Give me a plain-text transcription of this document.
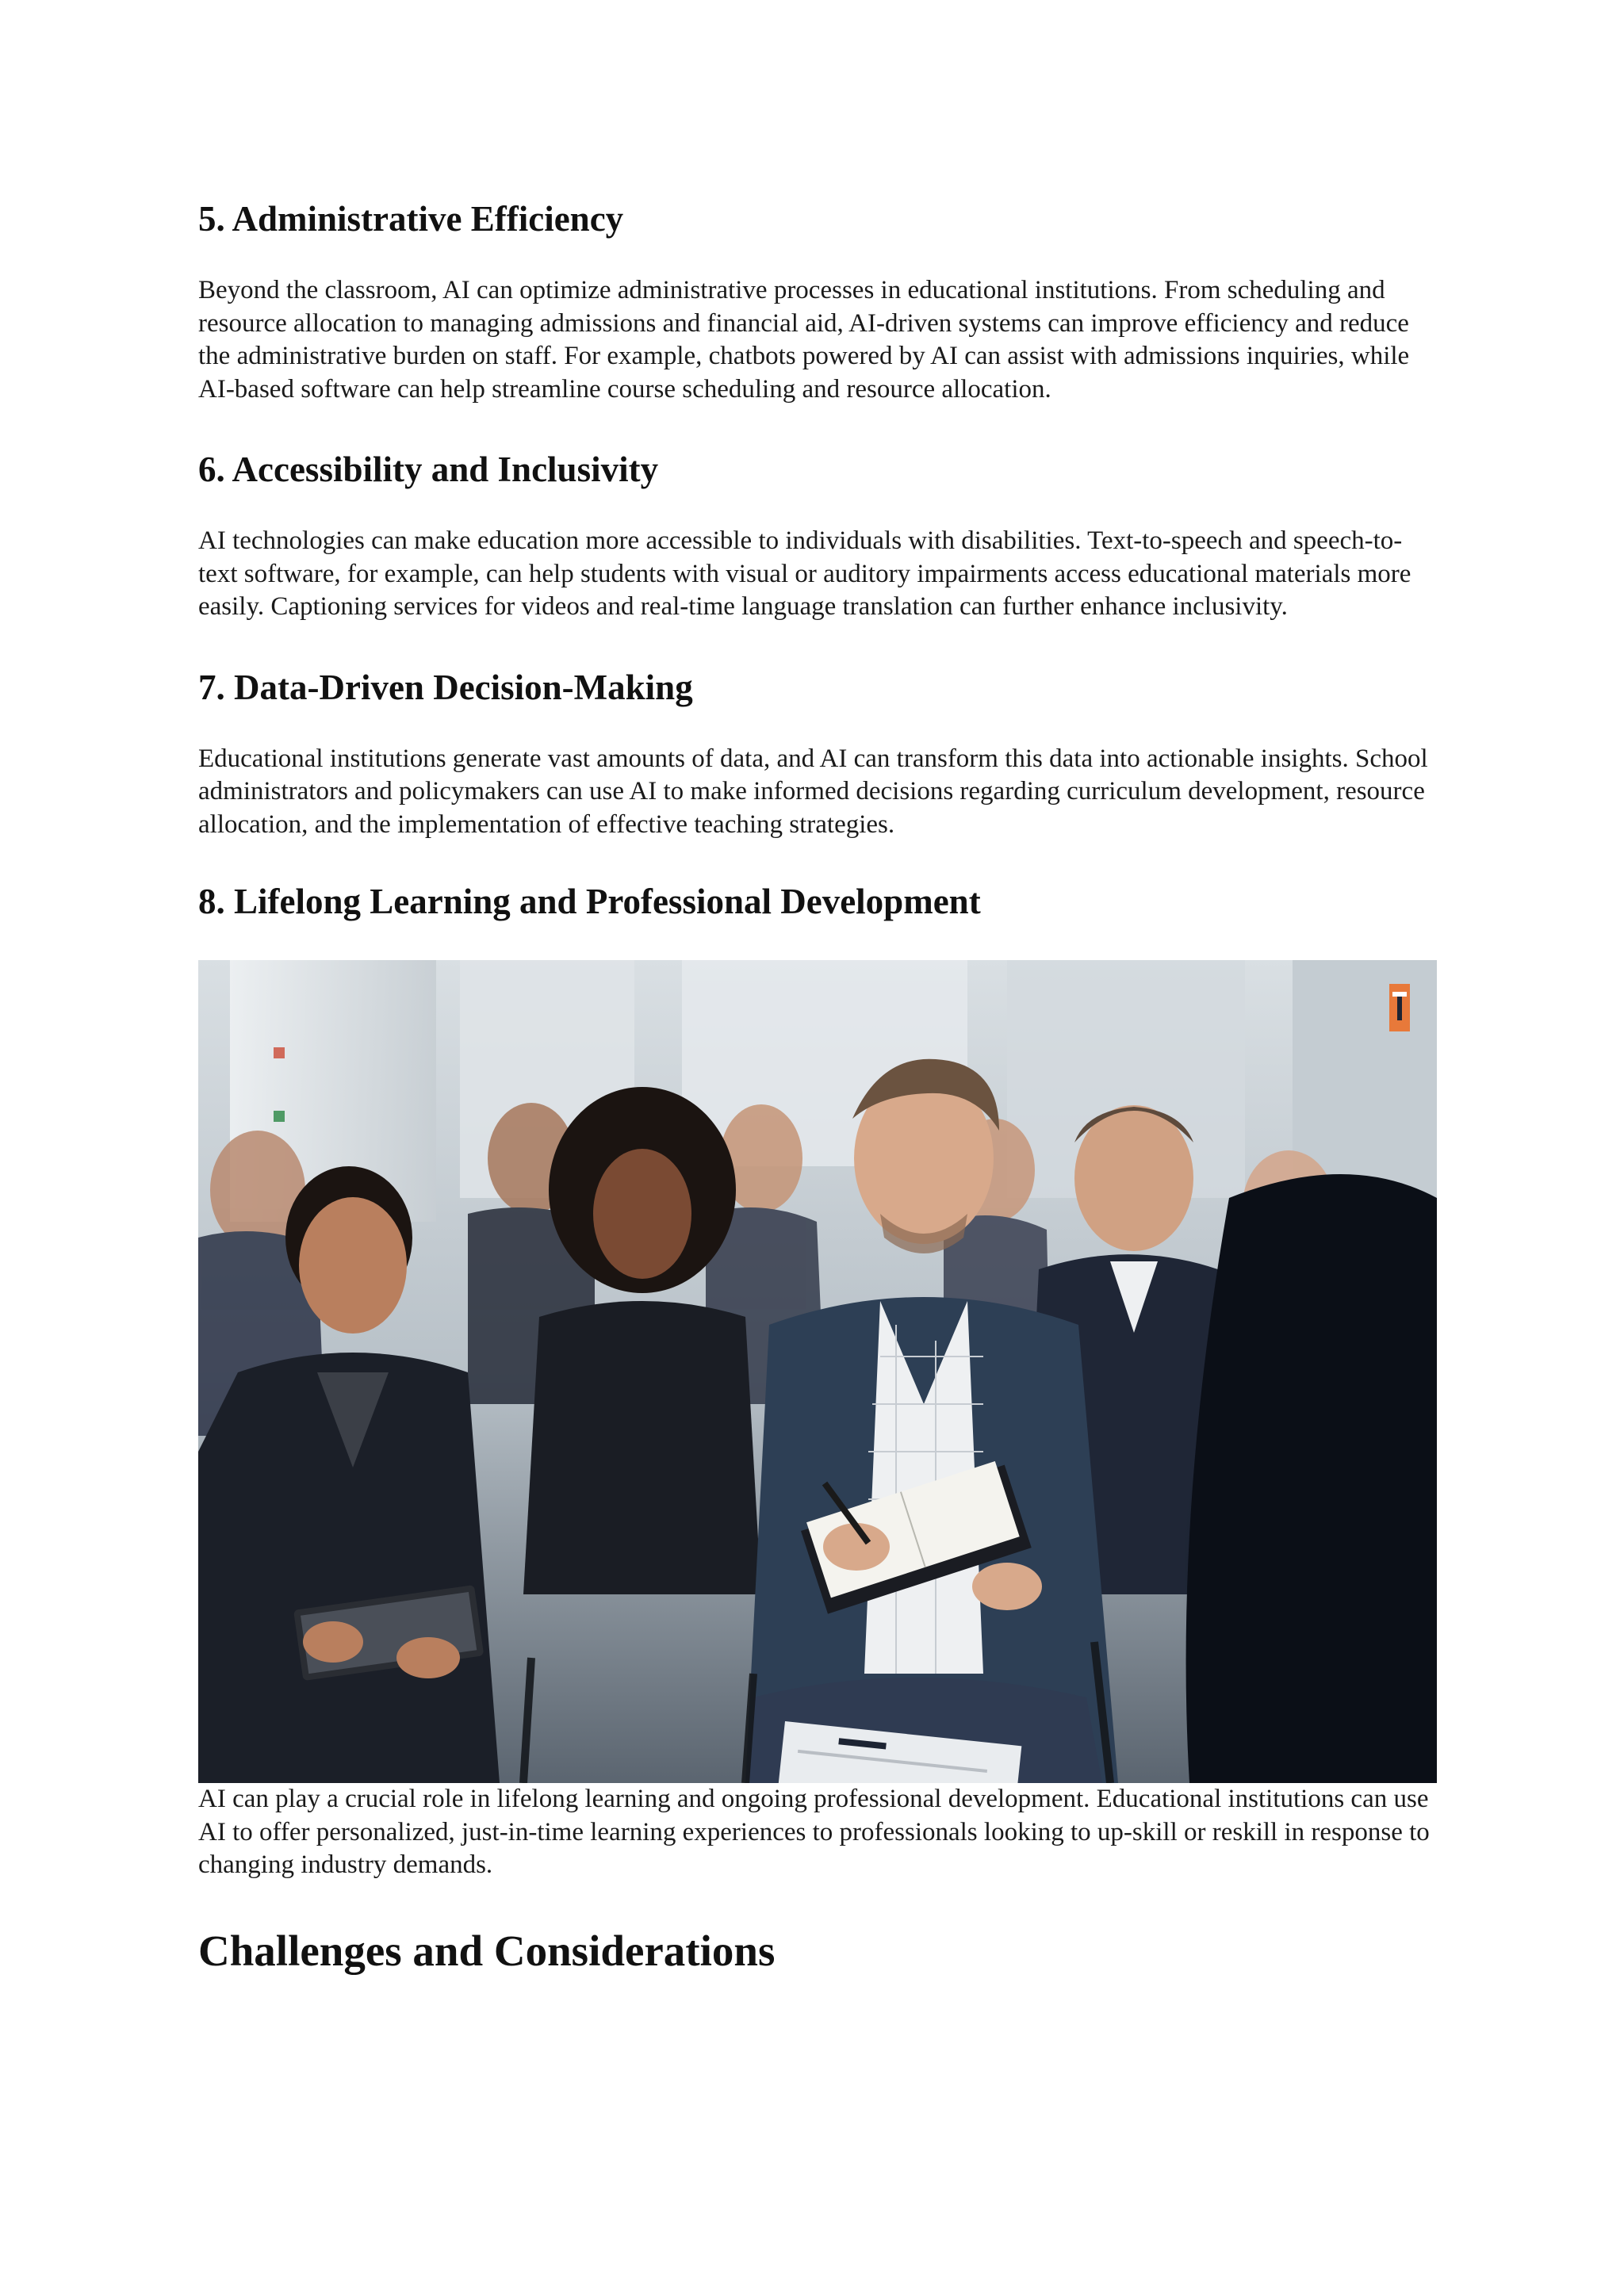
5. Administrative Efficiency

Beyond the classroom, AI can optimize administrative processes in educational institutions. From scheduling and resource allocation to managing admissions and financial aid, AI-driven systems can improve efficiency and reduce the administrative burden on staff. For example, chatbots powered by AI can assist with admissions inquiries, while AI-based software can help streamline course scheduling and resource allocation.

6. Accessibility and Inclusivity

AI technologies can make education more accessible to individuals with disabilities. Text-to-speech and speech-to-text software, for example, can help students with visual or auditory impairments access educational materials more easily. Captioning services for videos and real-time language translation can further enhance inclusivity.

7. Data-Driven Decision-Making

Educational institutions generate vast amounts of data, and AI can transform this data into actionable insights. School administrators and policymakers can use AI to make informed decisions regarding curriculum development, resource allocation, and the implementation of effective teaching strategies.

8. Lifelong Learning and Professional Development

AI can play a crucial role in lifelong learning and ongoing professional development. Educational institutions can use AI to offer personalized, just-in-time learning experiences to professionals looking to up-skill or reskill in response to changing industry demands.

Challenges and Considerations
